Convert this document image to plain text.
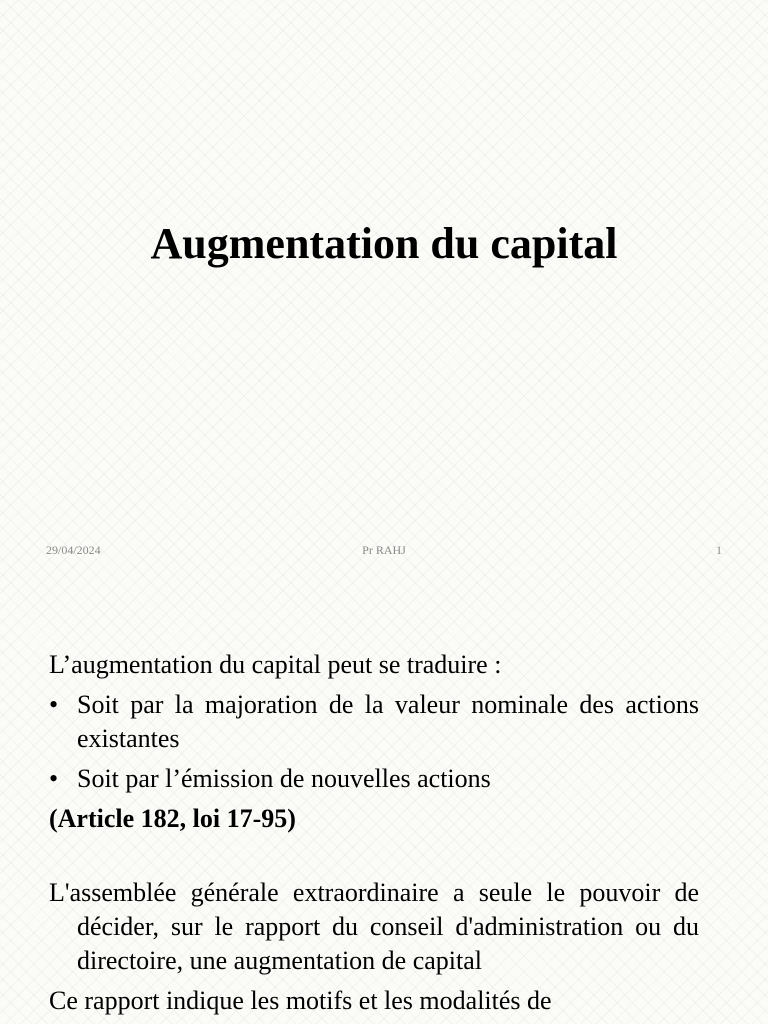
Augmentation du capital
29/04/2024	Pr RAHJ	1

L’augmentation du capital peut se traduire :

• Soit par la majoration de la valeur nominale des actions existantes
• Soit par l’émission de nouvelles actions

(Article 182, loi 17-95)

L'assemblée générale extraordinaire a seule le pouvoir de décider, sur le rapport du conseil d'administration ou du directoire, une augmentation de capital

Ce rapport indique les motifs et les modalités de
